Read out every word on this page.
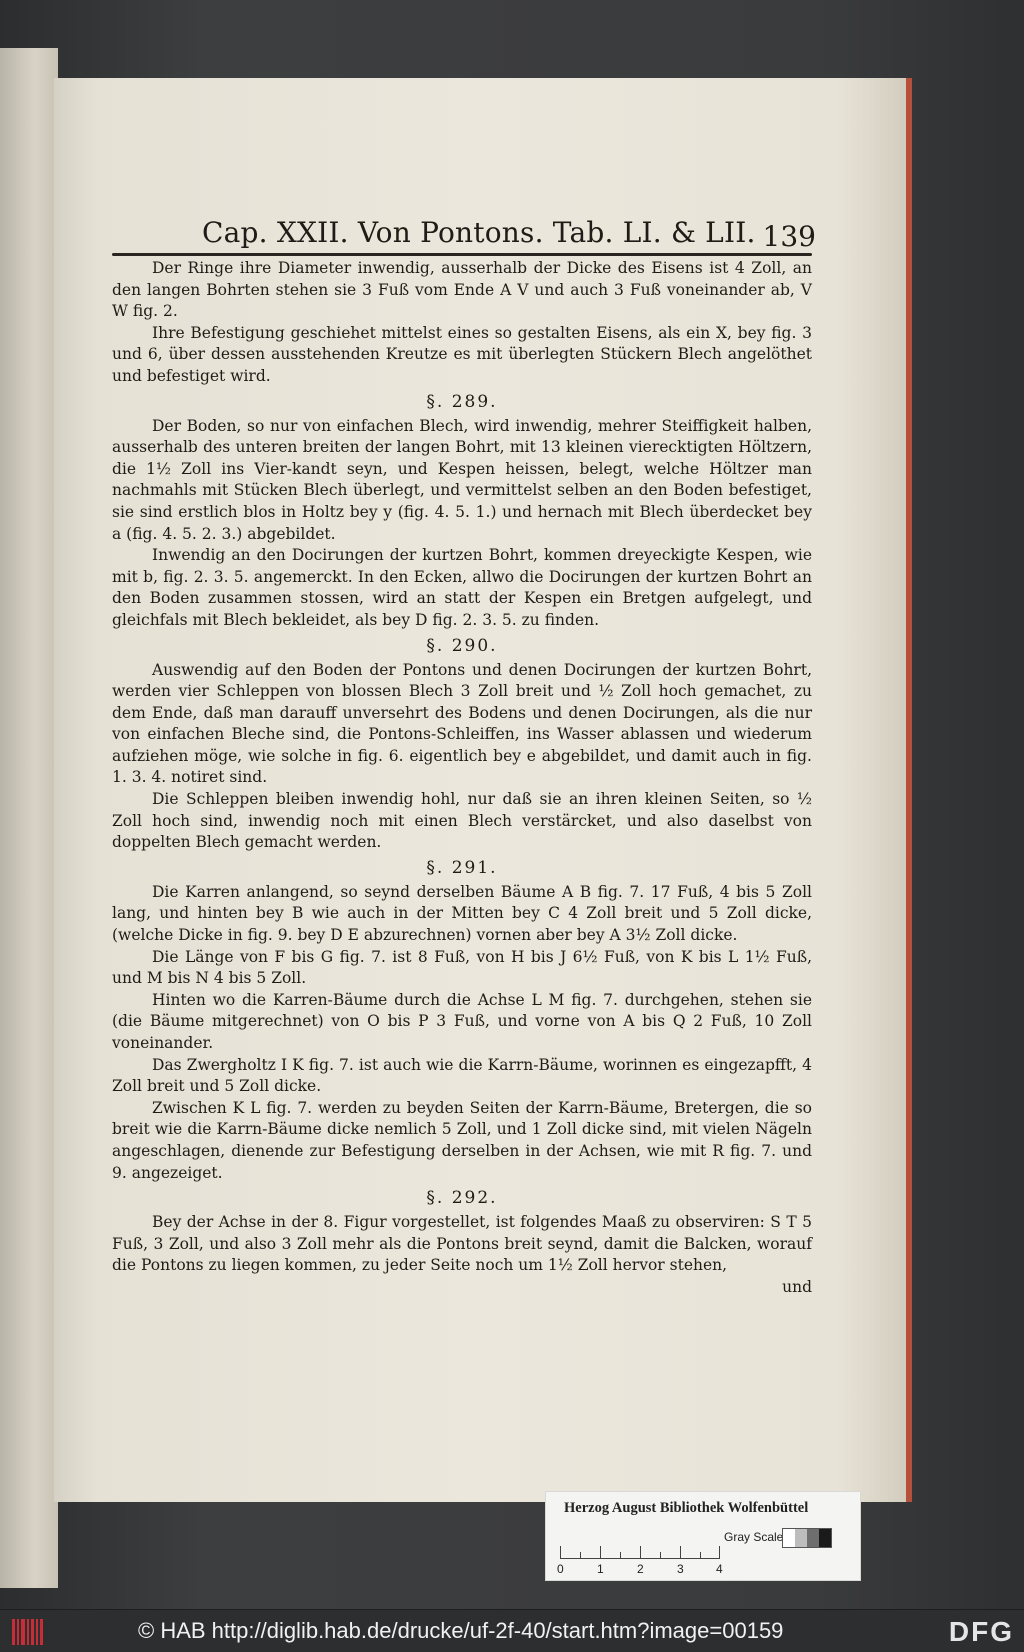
Cap. XXII. Von Pontons. Tab. LI. & LII. 139

Der Ringe ihre Diameter inwendig, ausserhalb der Dicke des Eisens ist 4 Zoll, an den langen Bohrten stehen sie 3 Fuß vom Ende A V und auch 3 Fuß voneinander ab, V W fig. 2.

Ihre Befestigung geschiehet mittelst eines so gestalten Eisens, als ein X, bey fig. 3 und 6, über dessen ausstehenden Kreutze es mit überlegten Stückern Blech angelöthet und befestiget wird.

§. 289.

Der Boden, so nur von einfachen Blech, wird inwendig, mehrer Steiffigkeit halben, ausserhalb des unteren breiten der langen Bohrt, mit 13 kleinen vierecktigten Höltzern, die 1½ Zoll ins Vier-kandt seyn, und Kespen heissen, belegt, welche Höltzer man nachmahls mit Stücken Blech überlegt, und vermittelst selben an den Boden befestiget, sie sind erstlich blos in Holtz bey y (fig. 4. 5. 1.) und hernach mit Blech überdecket bey a (fig. 4. 5. 2. 3.) abgebildet.

Inwendig an den Docirungen der kurtzen Bohrt, kommen dreyeckigte Kespen, wie mit b, fig. 2. 3. 5. angemerckt. In den Ecken, allwo die Docirungen der kurtzen Bohrt an den Boden zusammen stossen, wird an statt der Kespen ein Bretgen aufgelegt, und gleichfals mit Blech bekleidet, als bey D fig. 2. 3. 5. zu finden.

§. 290.

Auswendig auf den Boden der Pontons und denen Docirungen der kurtzen Bohrt, werden vier Schleppen von blossen Blech 3 Zoll breit und ½ Zoll hoch gemachet, zu dem Ende, daß man darauff unversehrt des Bodens und denen Docirungen, als die nur von einfachen Bleche sind, die Pontons-Schleiffen, ins Wasser ablassen und wiederum aufziehen möge, wie solche in fig. 6. eigentlich bey e abgebildet, und damit auch in fig. 1. 3. 4. notiret sind.

Die Schleppen bleiben inwendig hohl, nur daß sie an ihren kleinen Seiten, so ½ Zoll hoch sind, inwendig noch mit einen Blech verstärcket, und also daselbst von doppelten Blech gemacht werden.

§. 291.

Die Karren anlangend, so seynd derselben Bäume A B fig. 7. 17 Fuß, 4 bis 5 Zoll lang, und hinten bey B wie auch in der Mitten bey C 4 Zoll breit und 5 Zoll dicke, (welche Dicke in fig. 9. bey D E abzurechnen) vornen aber bey A 3½ Zoll dicke.

Die Länge von F bis G fig. 7. ist 8 Fuß, von H bis J 6½ Fuß, von K bis L 1½ Fuß, und M bis N 4 bis 5 Zoll.

Hinten wo die Karren-Bäume durch die Achse L M fig. 7. durchgehen, stehen sie (die Bäume mitgerechnet) von O bis P 3 Fuß, und vorne von A bis Q 2 Fuß, 10 Zoll voneinander.

Das Zwergholtz I K fig. 7. ist auch wie die Karrn-Bäume, worinnen es eingezapfft, 4 Zoll breit und 5 Zoll dicke.

Zwischen K L fig. 7. werden zu beyden Seiten der Karrn-Bäume, Bretergen, die so breit wie die Karrn-Bäume dicke nemlich 5 Zoll, und 1 Zoll dicke sind, mit vielen Nägeln angeschlagen, dienende zur Befestigung derselben in der Achsen, wie mit R fig. 7. und 9. angezeiget.

§. 292.

Bey der Achse in der 8. Figur vorgestellet, ist folgendes Maaß zu observiren: S T 5 Fuß, 3 Zoll, und also 3 Zoll mehr als die Pontons breit seynd, damit die Balcken, worauf die Pontons zu liegen kommen, zu jeder Seite noch um 1½ Zoll hervor stehen,

und
Herzog August Bibliothek Wolfenbüttel
0	1	2	3	4
Gray Scale
© HAB http://diglib.hab.de/drucke/uf-2f-40/start.htm?image=00159	DFG
